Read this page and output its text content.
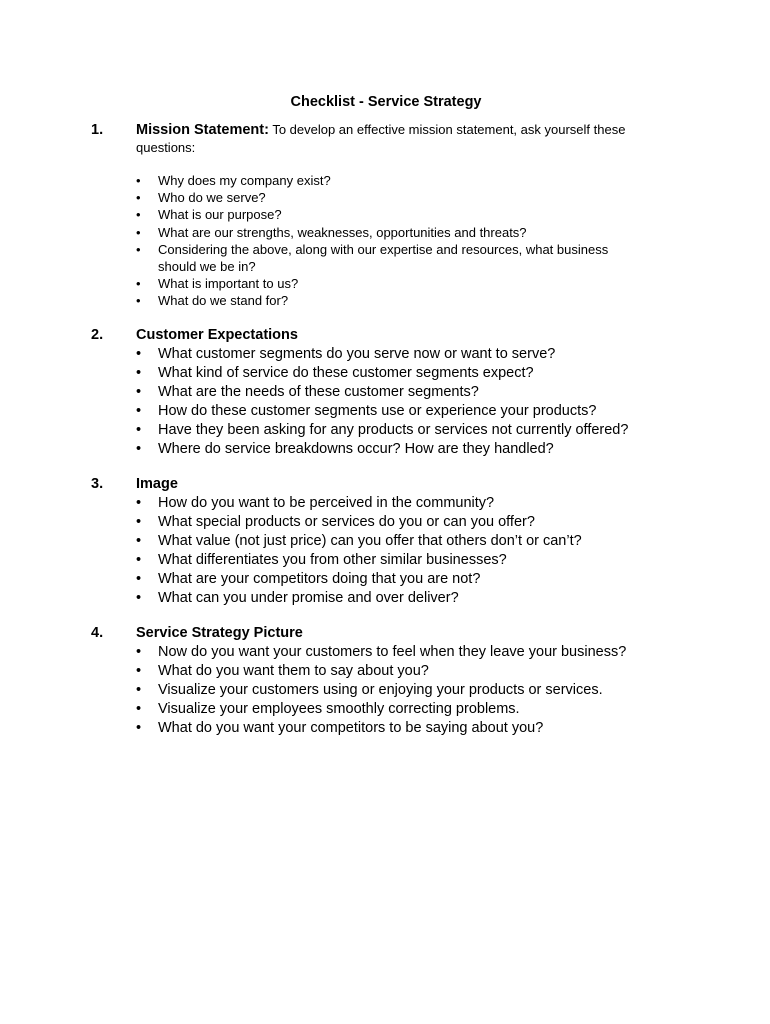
Checklist - Service Strategy
1. Mission Statement: To develop an effective mission statement, ask yourself these questions:
• Why does my company exist?
• Who do we serve?
• What is our purpose?
• What are our strengths, weaknesses, opportunities and threats?
• Considering the above, along with our expertise and resources, what business should we be in?
• What is important to us?
• What do we stand for?
2. Customer Expectations
• What customer segments do you serve now or want to serve?
• What kind of service do these customer segments expect?
• What are the needs of these customer segments?
• How do these customer segments use or experience your products?
• Have they been asking for any products or services not currently offered?
• Where do service breakdowns occur? How are they handled?
3. Image
• How do you want to be perceived in the community?
• What special products or services do you or can you offer?
• What value (not just price) can you offer that others don’t or can’t?
• What differentiates you from other similar businesses?
• What are your competitors doing that you are not?
• What can you under promise and over deliver?
4. Service Strategy Picture
• Now do you want your customers to feel when they leave your business?
• What do you want them to say about you?
• Visualize your customers using or enjoying your products or services.
• Visualize your employees smoothly correcting problems.
• What do you want your competitors to be saying about you?
